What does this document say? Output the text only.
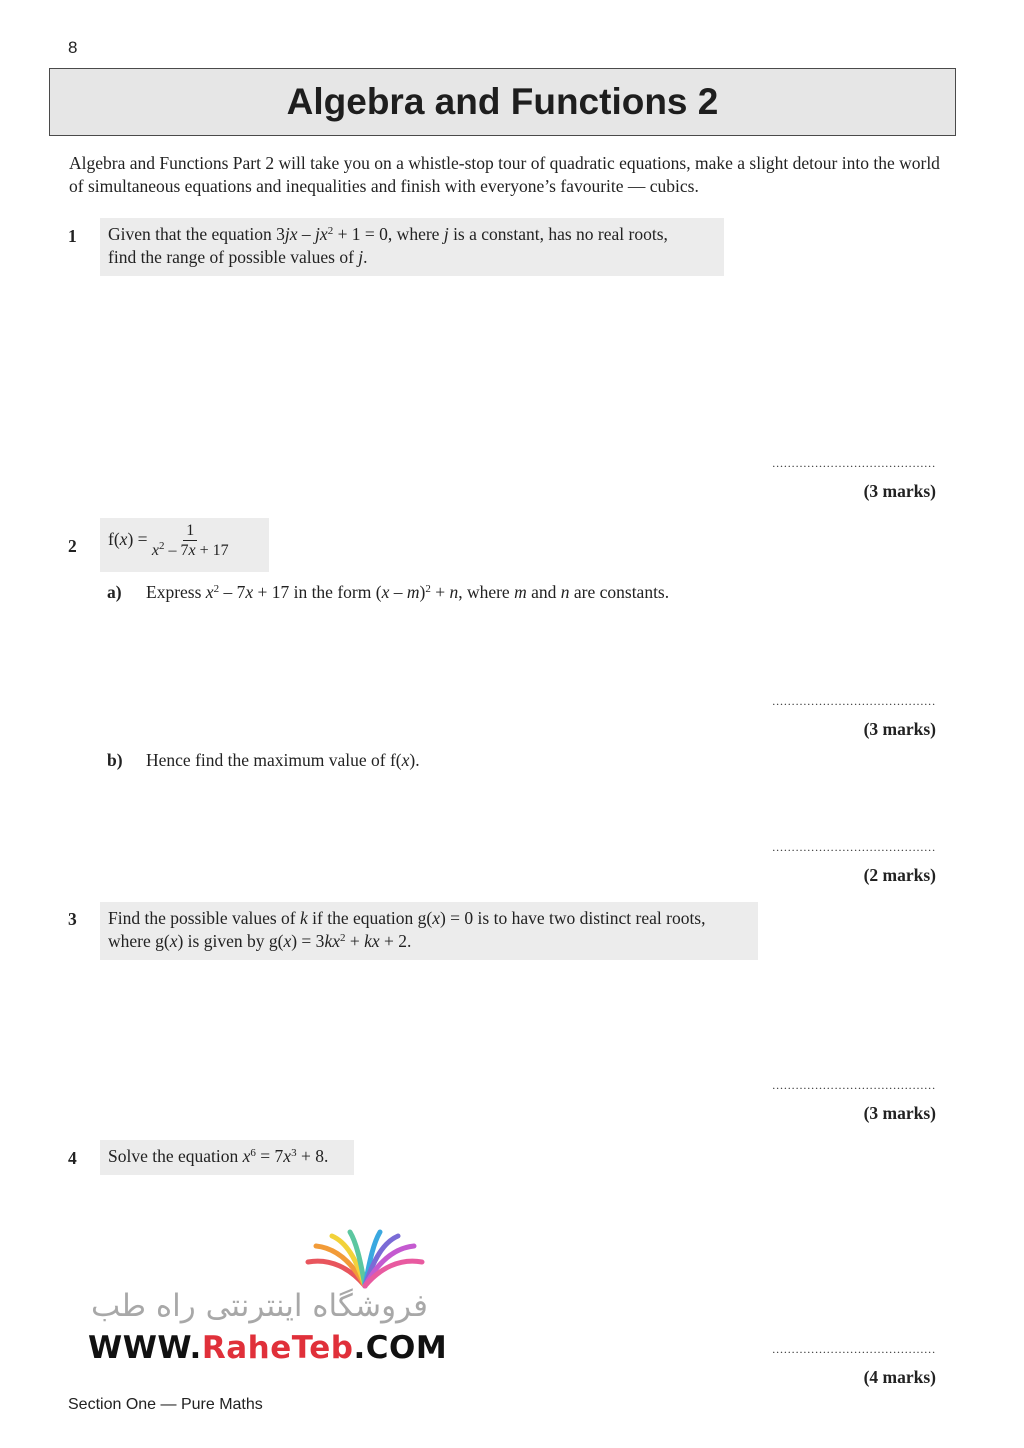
8
Algebra and Functions 2
Algebra and Functions Part 2 will take you on a whistle-stop tour of quadratic equations, make a slight detour into the world of simultaneous equations and inequalities and finish with everyone’s favourite — cubics.
1 Given that the equation $3jx - jx^2 + 1 = 0$, where j is a constant, has no real roots,
find the range of possible values of j.
..........................................
(3 marks)
2	$f(x) = \frac{1}{x^2 - 7x + 17}$
a) Express $x^2 - 7x + 17$ in the form (x – m)$^2$ + n, where m and n are constants.
..........................................
(3 marks)
b) Hence find the maximum value of f(x).
..........................................
(2 marks)
3 Find the possible values of k if the equation g(x) = 0 is to have two distinct real roots,
where g(x) is given by $g(x) = 3kx^2$ + kx + 2.
..........................................
(3 marks)
4	Solve the equation $x^6 = 7x^3 + 8$.
..........................................
(4 marks)
فروشگاه اینترنتی راه طب
WWW.RaheTeb.COM
Section One — Pure Maths
